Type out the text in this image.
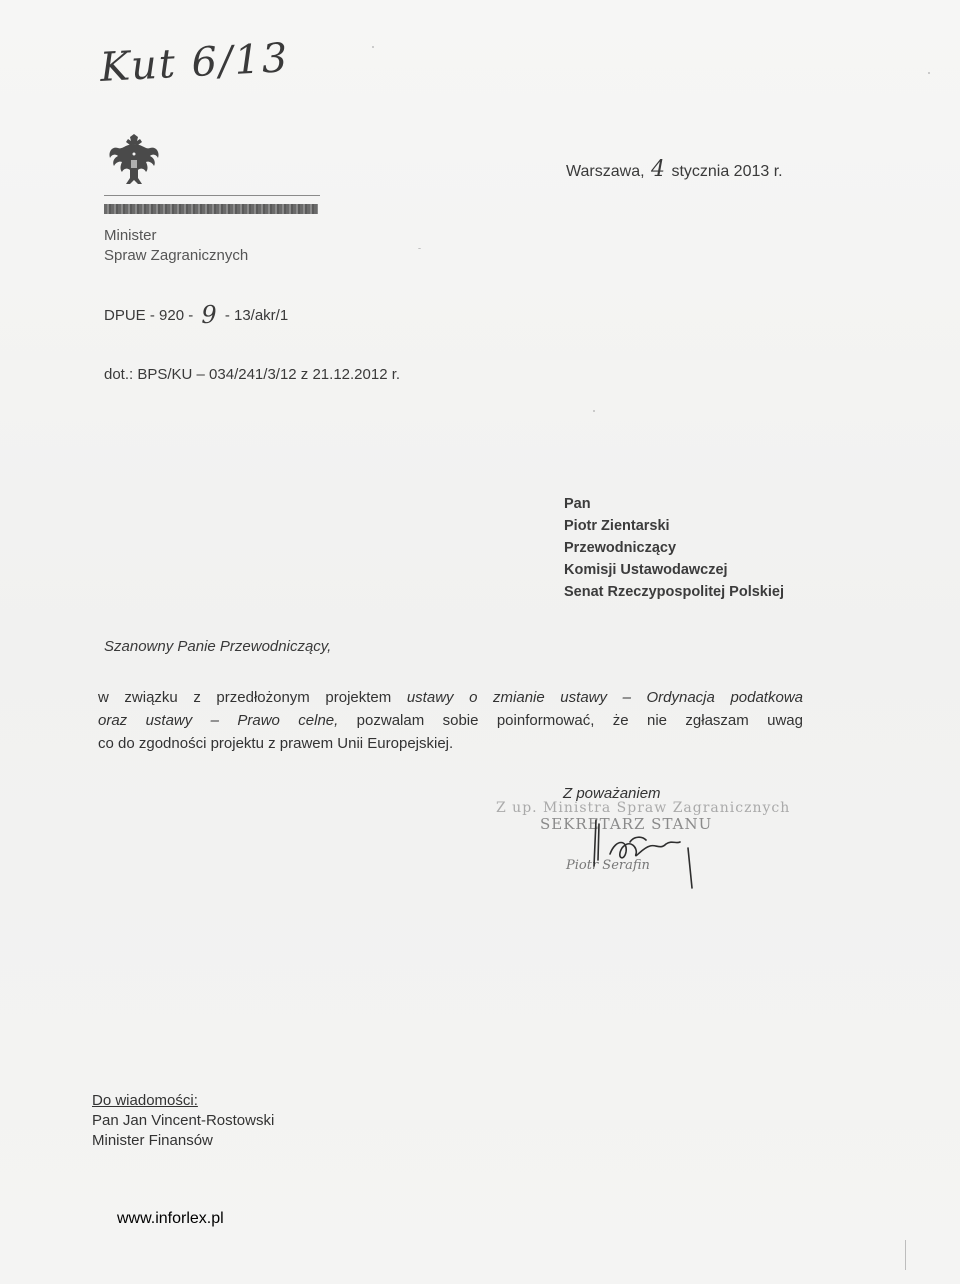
Kut 6/13
Minister
Spraw Zagranicznych
Warszawa, 4 stycznia 2013 r.
DPUE - 920 - 9 - 13/akr/1
dot.: BPS/KU – 034/241/3/12 z 21.12.2012 r.
Pan
Piotr Zientarski
Przewodniczący
Komisji Ustawodawczej
Senat Rzeczypospolitej Polskiej
Szanowny Panie Przewodniczący,
w związku z przedłożonym projektem ustawy o zmianie ustawy – Ordynacja podatkowa
oraz ustawy – Prawo celne, pozwalam sobie poinformować, że nie zgłaszam uwag
co do zgodności projektu z prawem Unii Europejskiej.
Z poważaniem
Z up. Ministra Spraw Zagranicznych
SEKRETARZ STANU
Piotr Serafin
Do wiadomości:
Pan Jan Vincent-Rostowski
Minister Finansów
www.inforlex.pl
